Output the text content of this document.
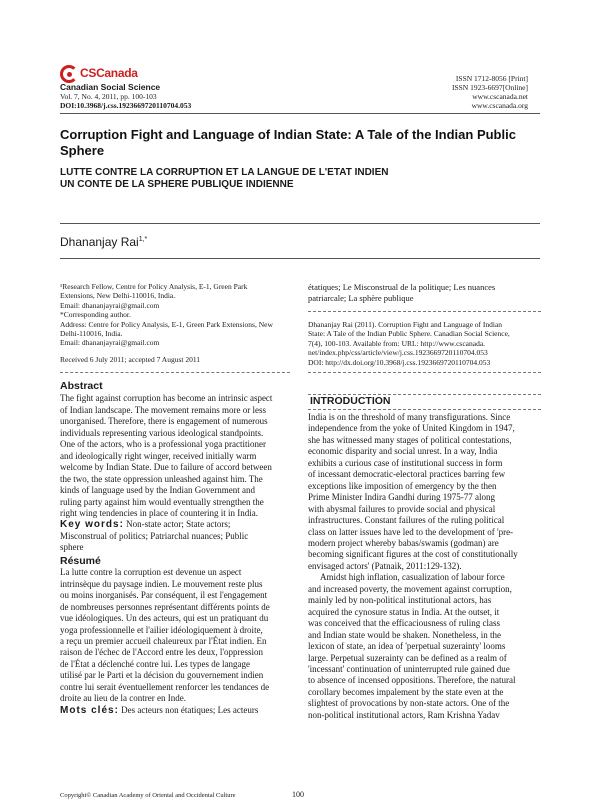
CSCanada
Canadian Social Science
Vol. 7, No. 4, 2011, pp. 100-103
DOI:10.3968/j.css.1923669720110704.053
ISSN 1712-8056 [Print]
ISSN 1923-6697[Online]
www.cscanada.net
www.cscanada.org
Corruption Fight and Language of Indian State: A Tale of the Indian Public
Sphere
LUTTE CONTRE LA CORRUPTION ET LA LANGUE DE L'ETAT INDIEN
UN CONTE DE LA SPHERE PUBLIQUE INDIENNE
Dhananjay Rai$^{1,*}$
¹Research Fellow, Centre for Policy Analysis, E-1, Green Park
Extensions, New Delhi-110016, India.
Email: dhananjayrai@gmail.com
*Corresponding author.
Address: Centre for Policy Analysis, E-1, Green Park Extensions, New
Delhi-110016, India.
Email: dhananjayrai@gmail.com
Received 6 July 2011; accepted 7 August 2011
Abstract
The fight against corruption has become an intrinsic aspect
of Indian landscape. The movement remains more or less
unorganised. Therefore, there is engagement of numerous
individuals representing various ideological standpoints.
One of the actors, who is a professional yoga practitioner
and ideologically right winger, received initially warm
welcome by Indian State. Due to failure of accord between
the two, the state oppression unleashed against him. The
kinds of language used by the Indian Government and
ruling party against him would eventually strengthen the
right wing tendencies in place of countering it in India.
Key words: Non-state actor; State actors;
Misconstrual of politics; Patriarchal nuances; Public
sphere
Résumé
La lutte contre la corruption est devenue un aspect
intrinsèque du paysage indien. Le mouvement reste plus
ou moins inorganisés. Par conséquent, il est l'engagement
de nombreuses personnes représentant différents points de
vue idéologiques. Un des acteurs, qui est un pratiquant du
yoga professionnelle et l'ailier idéologiquement à droite,
a reçu un premier accueil chaleureux par l'État indien. En
raison de l'échec de l'Accord entre les deux, l'oppression
de l'État a déclenché contre lui. Les types de langage
utilisé par le Parti et la décision du gouvernement indien
contre lui serait éventuellement renforcer les tendances de
droite au lieu de la contrer en Inde.
Mots clés: Des acteurs non étatiques; Les acteurs
étatiques; Le Misconstrual de la politique; Les nuances
patriarcale; La sphère publique
Dhananjay Rai (2011). Corruption Fight and Language of Indian
State: A Tale of the Indian Public Sphere. Canadian Social Science,
7(4), 100-103. Available from: URL: http://www.cscanada.
net/index.php/css/article/view/j.css.1923669720110704.053
DOI: http://dx.doi.org/10.3968/j.css.1923669720110704.053
INTRODUCTION
India is on the threshold of many transfigurations. Since
independence from the yoke of United Kingdom in 1947,
she has witnessed many stages of political contestations,
economic disparity and social unrest. In a way, India
exhibits a curious case of institutional success in form
of incessant democratic-electoral practices barring few
exceptions like imposition of emergency by the then
Prime Minister Indira Gandhi during 1975-77 along
with abysmal failures to provide social and physical
infrastructures. Constant failures of the ruling political
class on latter issues have led to the development of 'pre-
modern project whereby babas/swamis (godman) are
becoming significant figures at the cost of constitutionally
envisaged actors' (Patnaik, 2011:129-132).
Amidst high inflation, casualization of labour force
and increased poverty, the movement against corruption,
mainly led by non-political institutional actors, has
acquired the cynosure status in India. At the outset, it
was conceived that the efficaciousness of ruling class
and Indian state would be shaken. Nonetheless, in the
lexicon of state, an idea of 'perpetual suzerainty' looms
large. Perpetual suzerainty can be defined as a realm of
'incessant' continuation of uninterrupted rule gained due
to absence of incensed oppositions. Therefore, the natural
corollary becomes impalement by the state even at the
slightest of provocations by non-state actors. One of the
non-political institutional actors, Ram Krishna Yadav
Copyright© Canadian Academy of Oriental and Occidental Culture	100
